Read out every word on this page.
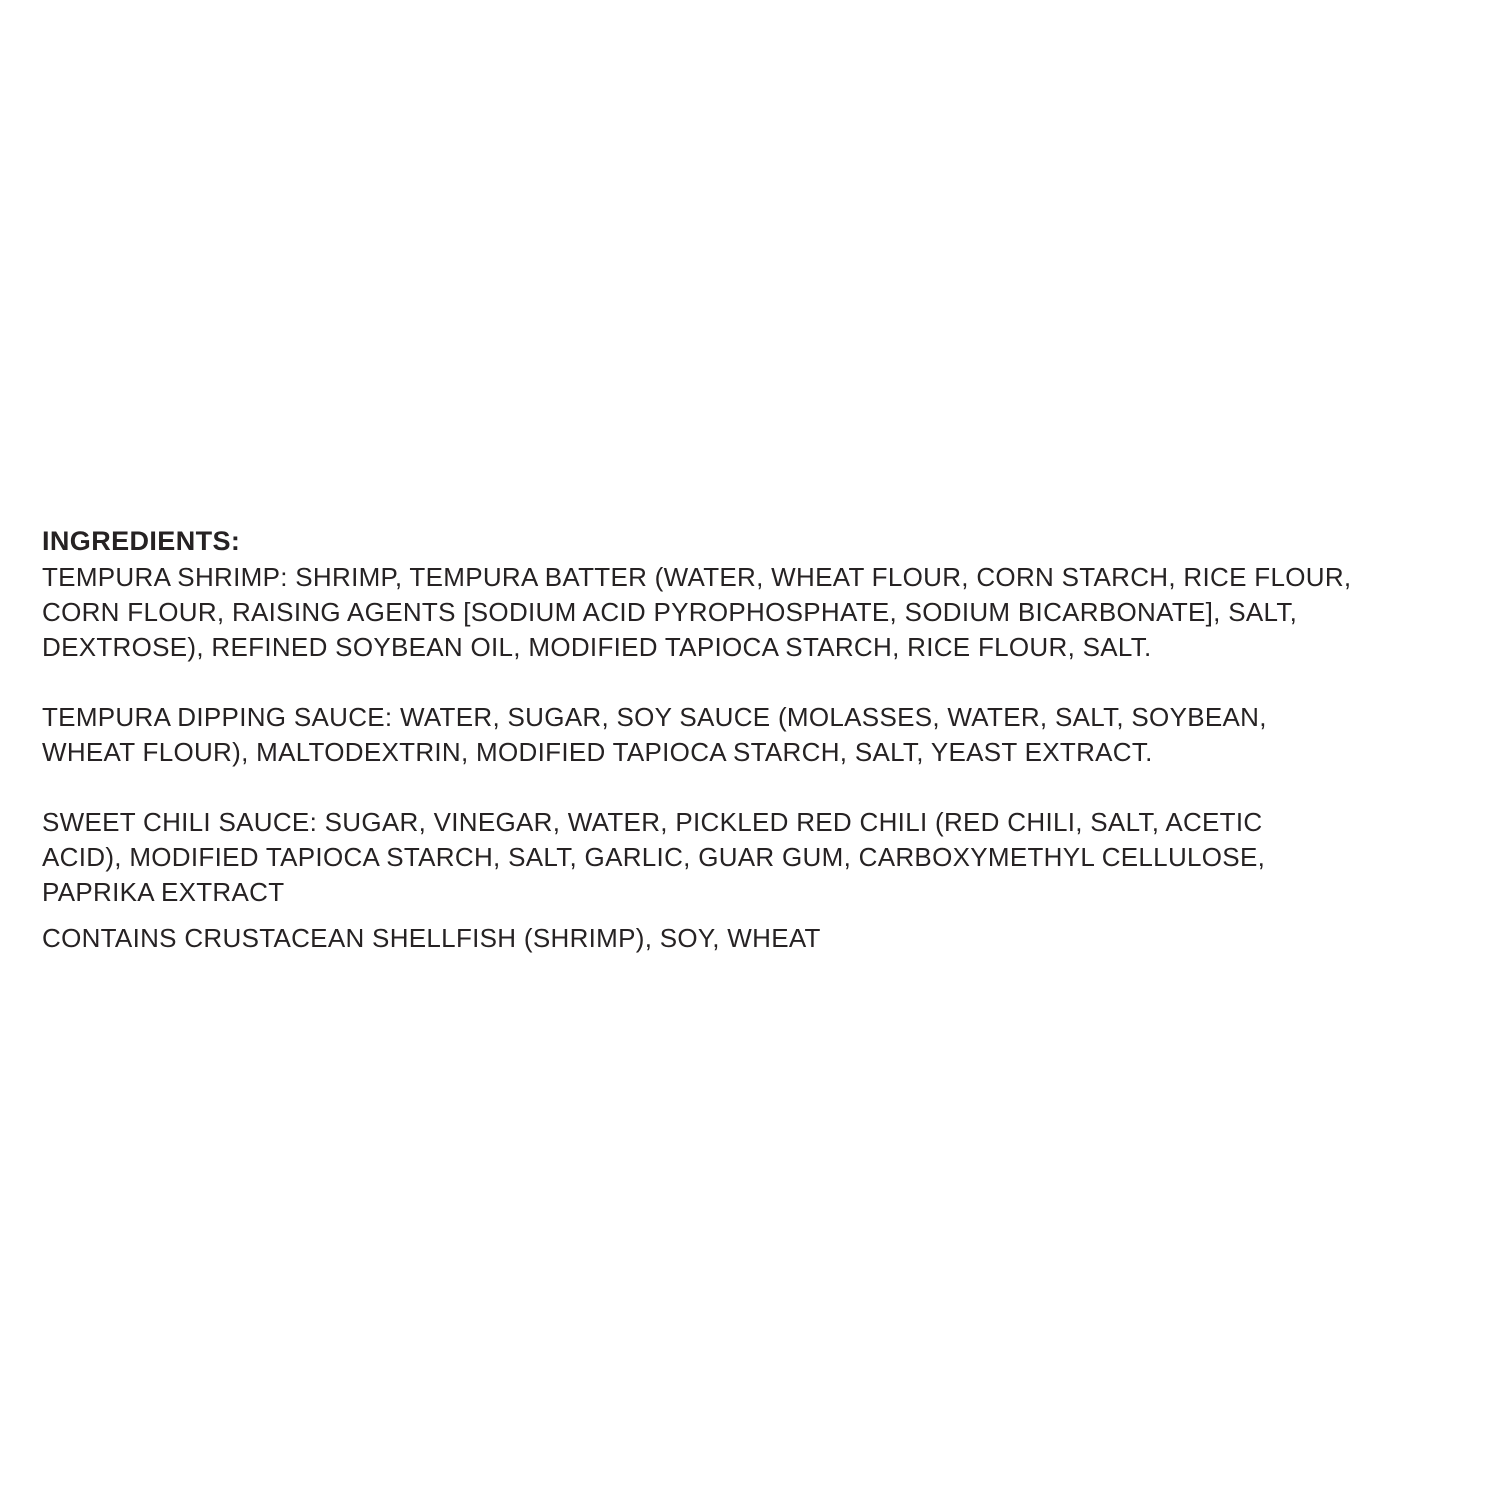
INGREDIENTS:
TEMPURA SHRIMP: SHRIMP, TEMPURA BATTER (WATER, WHEAT FLOUR, CORN STARCH, RICE FLOUR,
CORN FLOUR, RAISING AGENTS [SODIUM ACID PYROPHOSPHATE, SODIUM BICARBONATE], SALT,
DEXTROSE), REFINED SOYBEAN OIL, MODIFIED TAPIOCA STARCH, RICE FLOUR, SALT.
TEMPURA DIPPING SAUCE: WATER, SUGAR, SOY SAUCE (MOLASSES, WATER, SALT, SOYBEAN,
WHEAT FLOUR), MALTODEXTRIN, MODIFIED TAPIOCA STARCH, SALT, YEAST EXTRACT.
SWEET CHILI SAUCE: SUGAR, VINEGAR, WATER, PICKLED RED CHILI (RED CHILI, SALT, ACETIC
ACID), MODIFIED TAPIOCA STARCH, SALT, GARLIC, GUAR GUM, CARBOXYMETHYL CELLULOSE,
PAPRIKA EXTRACT
CONTAINS CRUSTACEAN SHELLFISH (SHRIMP), SOY, WHEAT
